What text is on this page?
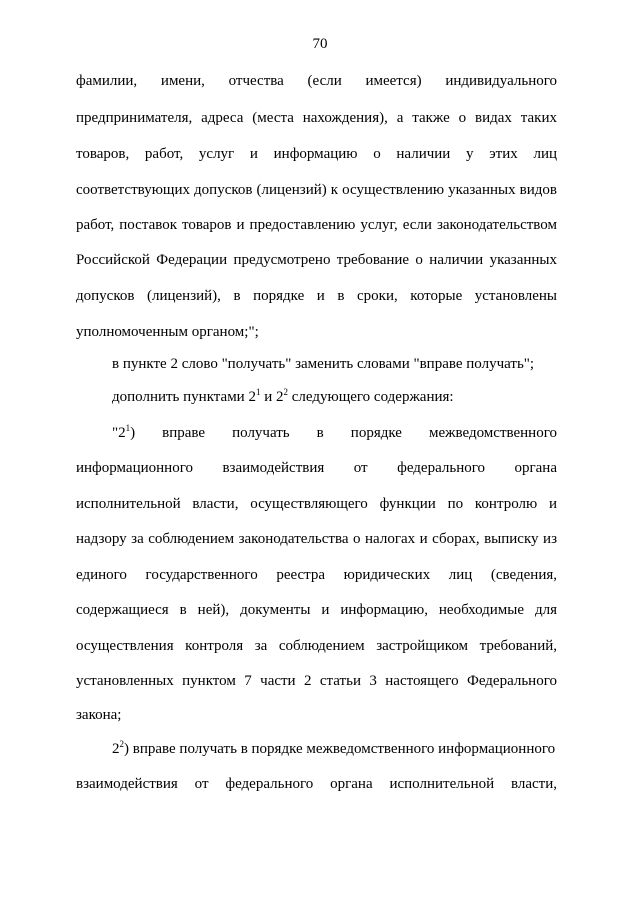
70
фамилии, имени, отчества (если имеется) индивидуального
предпринимателя, адреса (места нахождения), а также о видах таких
товаров, работ, услуг и информацию о наличии у этих лиц
соответствующих допусков (лицензий) к осуществлению указанных видов
работ, поставок товаров и предоставлению услуг, если законодательством
Российской Федерации предусмотрено требование о наличии указанных
допусков (лицензий), в порядке и в сроки, которые установлены
уполномоченным органом;";
в пункте 2 слово "получать" заменить словами "вправе получать";
дополнить пунктами $2^1$ и $2^2$ следующего содержания:
"$2^1$) вправе получать в порядке межведомственного
информационного взаимодействия от федерального органа
исполнительной власти, осуществляющего функции по контролю и
надзору за соблюдением законодательства о налогах и сборах, выписку из
единого государственного реестра юридических лиц (сведения,
содержащиеся в ней), документы и информацию, необходимые для
осуществления контроля за соблюдением застройщиком требований,
установленных пунктом 7 части 2 статьи 3 настоящего Федерального
закона;
$2^2$) вправе получать в порядке межведомственного информационного
взаимодействия от федерального органа исполнительной власти,
